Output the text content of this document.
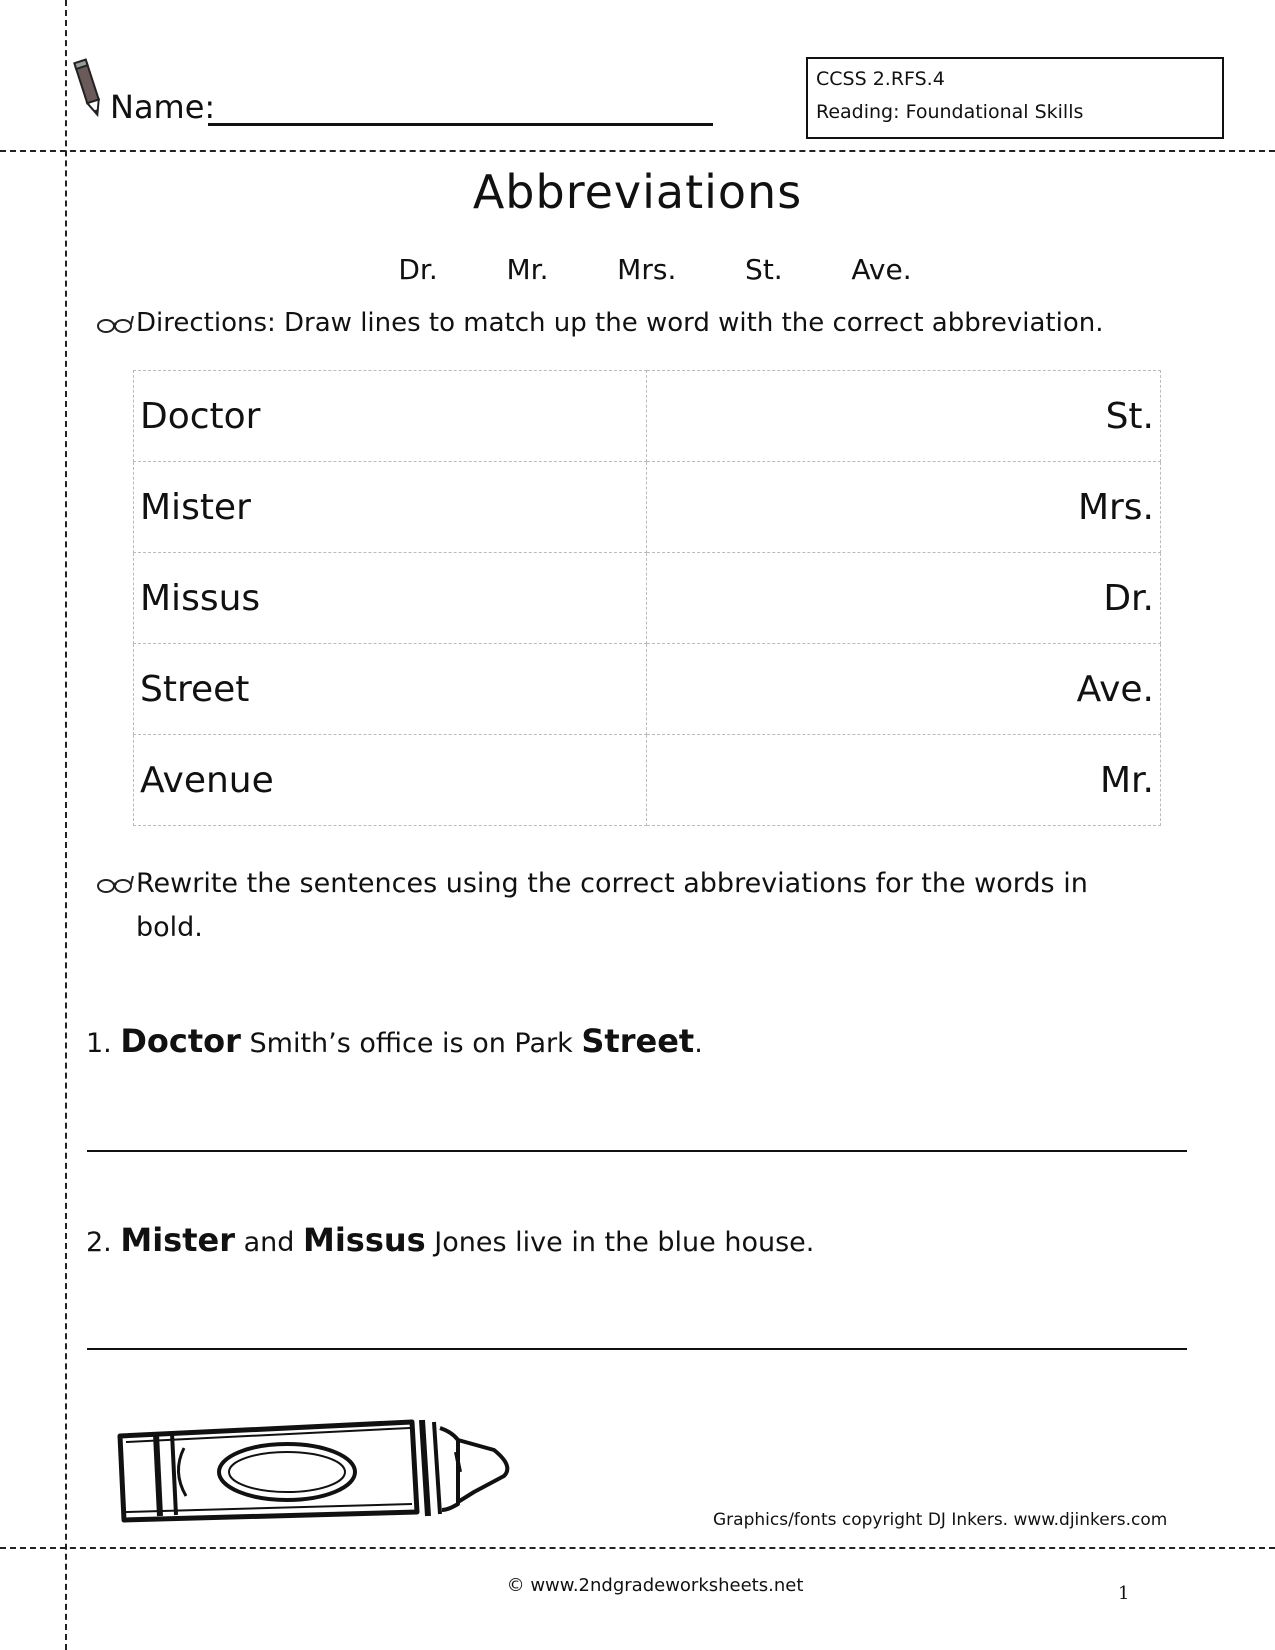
Name:
CCSS 2.RFS.4
Reading: Foundational Skills
Abbreviations
Dr.   Mr.   Mrs.   St.   Ave.
Directions: Draw lines to match up the word with the correct abbreviation.
Doctor	St.
Mister	Mrs.
Missus	Dr.
Street	Ave.
Avenue	Mr.
Rewrite the sentences using the correct abbreviations for the words in bold.
1. Doctor Smith’s office is on Park Street.
2. Mister and Missus Jones live in the blue house.
Graphics/fonts copyright DJ Inkers. www.djinkers.com
© www.2ndgradeworksheets.net	1
